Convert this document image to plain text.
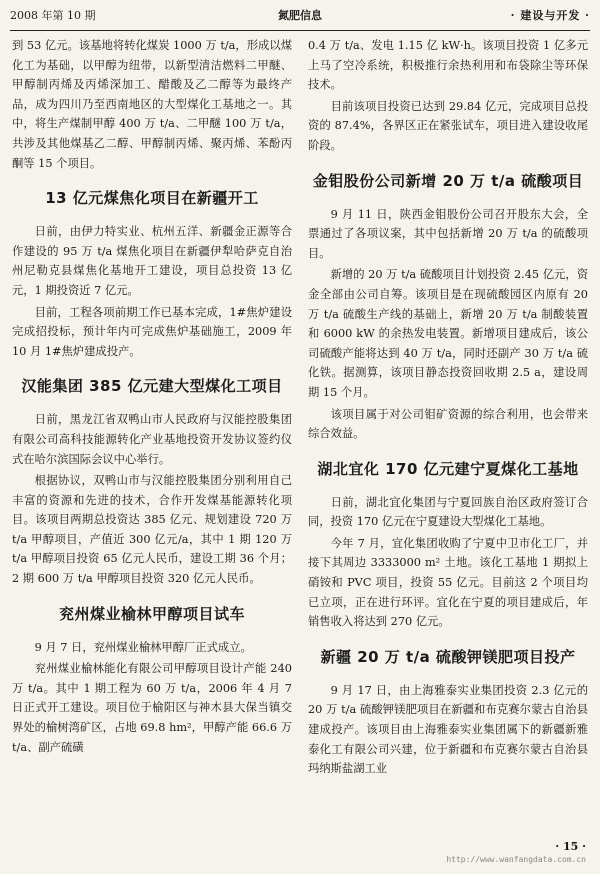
2008 年第 10 期	氮肥信息	· 建设与开发 ·

到 53 亿元。该基地将转化煤炭 1000 万 t/a，形成以煤化工为基础，以甲醇为纽带，以新型清洁燃料二甲醚、甲醇制丙烯及丙烯深加工、醋酸及乙二醇等为最终产品，成为四川乃至西南地区的大型煤化工基地之一。其中，将生产煤制甲醇 400 万 t/a、二甲醚 100 万 t/a，共涉及其他煤基乙二醇、甲醇制丙烯、聚丙烯、苯酚丙酮等 15 个项目。

13 亿元煤焦化项目在新疆开工

日前，由伊力特实业、杭州五洋、新疆金正源等合作建设的 95 万 t/a 煤焦化项目在新疆伊犁哈萨克自治州尼勒克县煤焦化基地开工建设，项目总投资 13 亿元，1 期投资近 7 亿元。

目前，工程各项前期工作已基本完成，1#焦炉建设完成招投标，预计年内可完成焦炉基础施工，2009 年 10 月 1#焦炉建成投产。

汉能集团 385 亿元建大型煤化工项目

日前，黑龙江省双鸭山市人民政府与汉能控股集团有限公司高科技能源转化产业基地投资开发协议签约仪式在哈尔滨国际会议中心举行。

根据协议，双鸭山市与汉能控股集团分别利用自己丰富的资源和先进的技术，合作开发煤基能源转化项目。该项目两期总投资达 385 亿元、规划建设 720 万 t/a 甲醇项目，产值近 300 亿元/a，其中 1 期 120 万 t/a 甲醇项目投资 65 亿元人民币，建设工期 36 个月；2 期 600 万 t/a 甲醇项目投资 320 亿元人民币。

兖州煤业榆林甲醇项目试车

9 月 7 日，兖州煤业榆林甲醇厂正式成立。

兖州煤业榆林能化有限公司甲醇项目设计产能 240 万 t/a。其中 1 期工程为 60 万 t/a，2006 年 4 月 7 日正式开工建设。项目位于榆阳区与神木县大保当镇交界处的榆树湾矿区，占地 69.8 hm²，甲醇产能 66.6 万 t/a、副产硫磺

0.4 万 t/a、发电 1.15 亿 kW·h。该项目投资 1 亿多元上马了空冷系统，积极推行余热利用和布袋除尘等环保技术。

目前该项目投资已达到 29.84 亿元，完成项目总投资的 87.4%，各界区正在紧张试车，项目进入建设收尾阶段。

金钼股份公司新增 20 万 t/a 硫酸项目

9 月 11 日，陕西金钼股份公司召开股东大会，全票通过了各项议案，其中包括新增 20 万 t/a 的硫酸项目。

新增的 20 万 t/a 硫酸项目计划投资 2.45 亿元，资金全部由公司自筹。该项目是在现硫酸园区内原有 20 万 t/a 硫酸生产线的基础上，新增 20 万 t/a 制酸装置和 6000 kW 的余热发电装置。新增项目建成后，该公司硫酸产能将达到 40 万 t/a，同时还副产 30 万 t/a 硫化铁。据测算，该项目静态投资回收期 2.5 a，建设周期 15 个月。

该项目属于对公司钼矿资源的综合利用，也会带来综合效益。

湖北宜化 170 亿元建宁夏煤化工基地

日前，湖北宜化集团与宁夏回族自治区政府签订合同，投资 170 亿元在宁夏建设大型煤化工基地。

今年 7 月，宜化集团收购了宁夏中卫市化工厂，并接下其周边 3333000 m² 土地。该化工基地 1 期拟上硝铵和 PVC 项目，投资 55 亿元。目前这 2 个项目均已立项，正在进行环评。宜化在宁夏的项目建成后，年销售收入将达到 270 亿元。

新疆 20 万 t/a 硫酸钾镁肥项目投产

9 月 17 日，由上海雅泰实业集团投资 2.3 亿元的 20 万 t/a 硫酸钾镁肥项目在新疆和布克赛尔蒙古自治县建成投产。该项目由上海雅泰实业集团属下的新疆新雅泰化工有限公司兴建，位于新疆和布克赛尔蒙古自治县玛纳斯盐湖工业

· 15 ·
http://www.wanfangdata.com.cn
